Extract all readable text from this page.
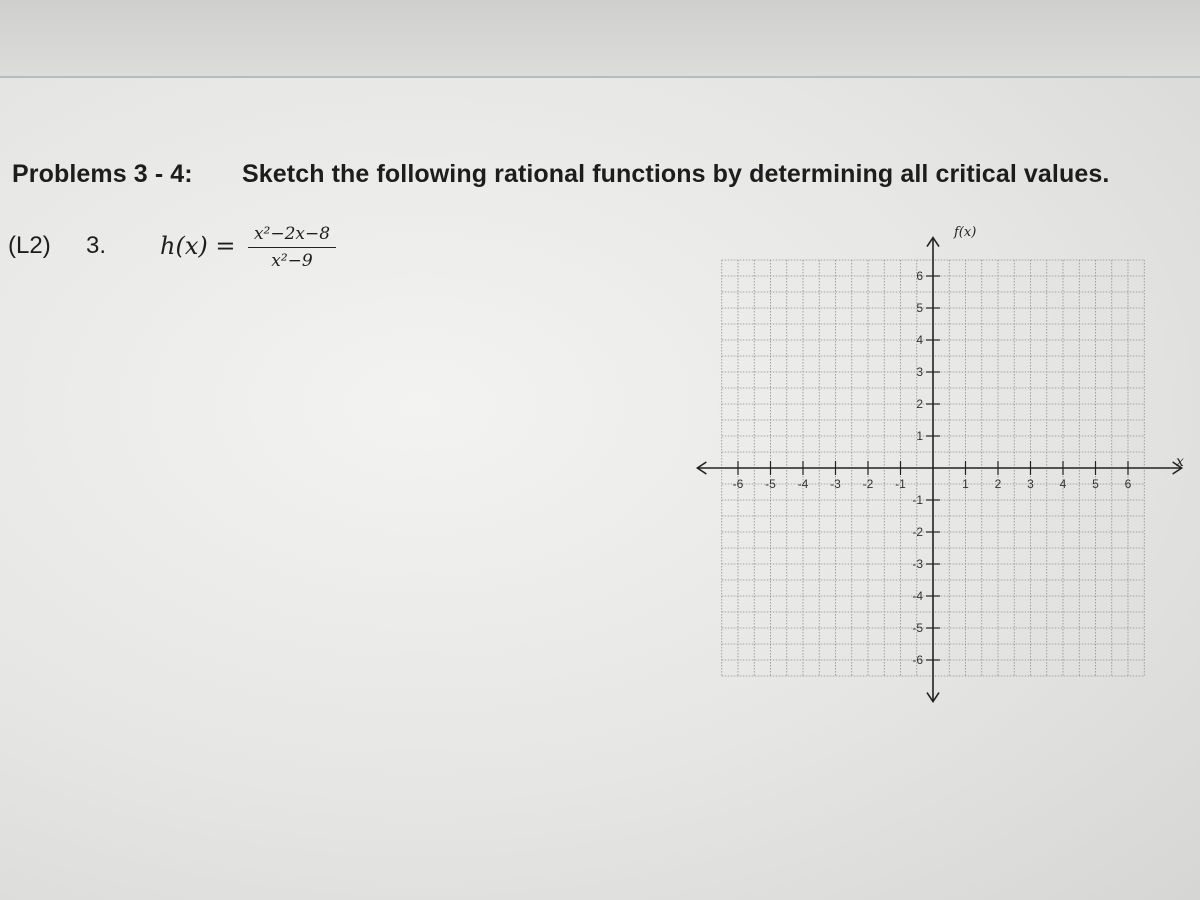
Problems 3 - 4: Sketch the following rational functions by determining all critical values.
(L2) 3. h(x) =	x²−2x−8
x²−9
-6 -5 -4 -3 -2 -1	1 2 3 4 5 6
6
5
4
3
2
1
-1
-2
-3
-4
-5
-6
f(x)
x
